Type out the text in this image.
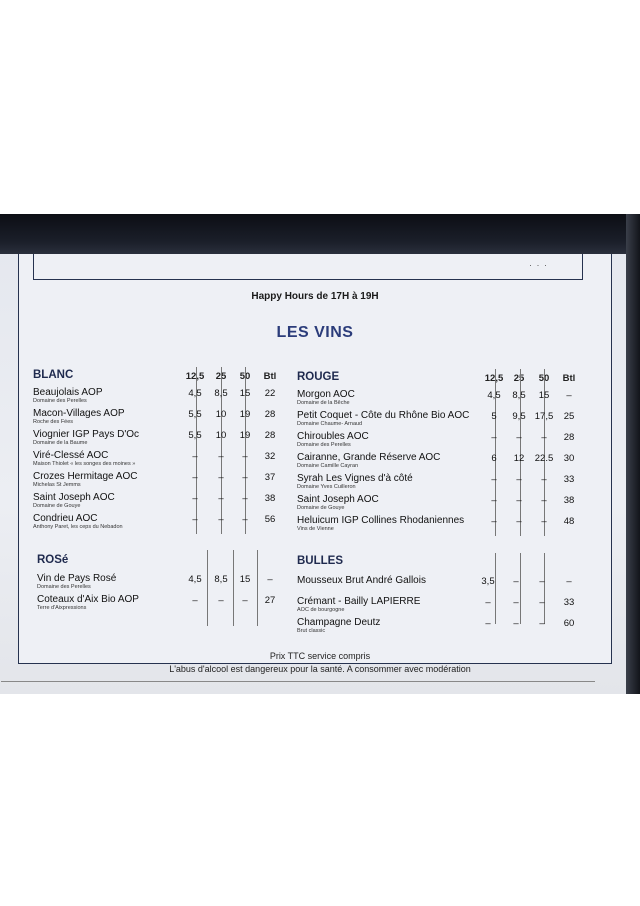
· · ·
Happy Hours de 17H à 19H
LES VINS
BLANC	12,5	25	50	Btl
Beaujolais AOP
Domaine des Perelles
4,5	8,5	15	22
Macon-Villages AOP
Roche des Fées
5,5	10	19	28
Viognier IGP Pays D'Oc
Domaine de la Baume
5,5	10	19	28
Viré-Clessé AOC
Maison Thiolet « les songes des moines »
–	–	–	32
Crozes Hermitage AOC
Michelas St Jemms
–	–	–	37
Saint Joseph AOC
Domaine de Gouye
–	–	–	38
Condrieu AOC
Anthony Paret, les ceps du Nebadon
–	–	–	56
ROUGE	12,5	25	50	Btl
Morgon AOC
Domaine de la Bêche
4,5	8,5	15	–
Petit Coquet - Côte du Rhône Bio AOC
Domaine Chaume- Arnaud
5	9,5 17,5	25
Chiroubles AOC
Domaine des Perelles
–	–	–	28
Cairanne, Grande Réserve AOC
Domaine Camille Cayran
6	12	22.5	30
Syrah Les Vignes d'à côté
Domaine Yves Cuilleron
–	–	–	33
Saint Joseph AOC
Domaine de Gouye
–	–	–	38
Heluicum IGP Collines Rhodaniennes
Vins de Vienne
–	–	–	48
ROSé
Vin de Pays Rosé
Domaine des Perelles
4,5	8,5	15	–
Coteaux d'Aix Bio AOP
Terre d'Aixpressions
–	–	–	27
BULLES
Mousseux Brut André Gallois	3,5	–	–	–
Crémant - Bailly LAPIERRE
AOC de bourgogne
–	–	–	33
Champagne Deutz
Brut classic
–	–	–	60
Prix TTC service compris
L'abus d'alcool est dangereux pour la santé. A consommer avec modération
